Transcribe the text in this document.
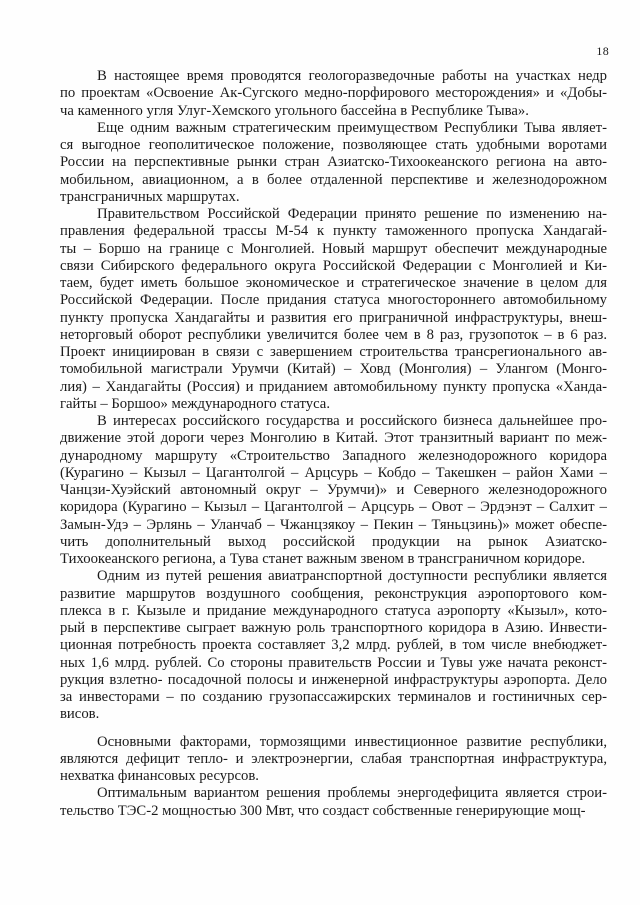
18
В настоящее время проводятся геологоразведочные работы на участках недр
по проектам «Освоение Ак-Сугского медно-порфирового месторождения» и «Добы-
ча каменного угля Улуг-Хемского угольного бассейна в Республике Тыва».
Еще одним важным стратегическим преимуществом Республики Тыва являет-
ся выгодное геополитическое положение, позволяющее стать удобными воротами
России на перспективные рынки стран Азиатско-Тихоокеанского региона на авто-
мобильном, авиационном, а в более отдаленной перспективе и железнодорожном
трансграничных маршрутах.
Правительством Российской Федерации принято решение по изменению на-
правления федеральной трассы М-54 к пункту таможенного пропуска Хандагай-
ты – Боршо на границе с Монголией. Новый маршрут обеспечит международные
связи Сибирского федерального округа Российской Федерации с Монголией и Ки-
таем, будет иметь большое экономическое и стратегическое значение в целом для
Российской Федерации. После придания статуса многостороннего автомобильному
пункту пропуска Хандагайты и развития его приграничной инфраструктуры, внеш-
неторговый оборот республики увеличится более чем в 8 раз, грузопоток – в 6 раз.
Проект инициирован в связи с завершением строительства трансрегионального ав-
томобильной магистрали Урумчи (Китай) – Ховд (Монголия) – Улангом (Монго-
лия) – Хандагайты (Россия) и приданием автомобильному пункту пропуска «Ханда-
гайты – Боршоо» международного статуса.
В интересах российского государства и российского бизнеса дальнейшее про-
движение этой дороги через Монголию в Китай. Этот транзитный вариант по меж-
дународному маршруту «Строительство Западного железнодорожного коридора
(Курагино – Кызыл – Цагантолгой – Арцсурь – Кобдо – Такешкен – район Хами –
Чанцзи-Хуэйский автономный округ – Урумчи)» и Северного железнодорожного
коридора (Курагино – Кызыл – Цагантолгой – Арцсурь – Овот – Эрдэнэт – Салхит –
Замын-Удэ – Эрлянь – Уланчаб – Чжанцзякоу – Пекин – Тяньцзинь)» может обеспе-
чить дополнительный выход российской продукции на рынок Азиатско-
Тихоокеанского региона, а Тува станет важным звеном в трансграничном коридоре.
Одним из путей решения авиатранспортной доступности республики является
развитие маршрутов воздушного сообщения, реконструкция аэропортового ком-
плекса в г. Кызыле и придание международного статуса аэропорту «Кызыл», кото-
рый в перспективе сыграет важную роль транспортного коридора в Азию. Инвести-
ционная потребность проекта составляет 3,2 млрд. рублей, в том числе внебюджет-
ных 1,6 млрд. рублей. Со стороны правительств России и Тувы уже начата реконст-
рукция взлетно- посадочной полосы и инженерной инфраструктуры аэропорта. Дело
за инвесторами – по созданию грузопассажирских терминалов и гостиничных сер-
висов.
Основными факторами, тормозящими инвестиционное развитие республики,
являются дефицит тепло- и электроэнергии, слабая транспортная инфраструктура,
нехватка финансовых ресурсов.
Оптимальным вариантом решения проблемы энергодефицита является строи-
тельство ТЭС-2 мощностью 300 Мвт, что создаст собственные генерирующие мощ-
